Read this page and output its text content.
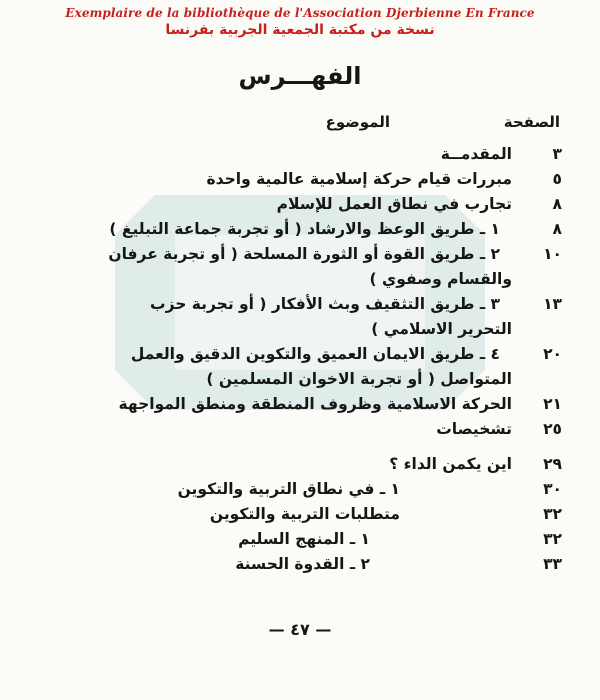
Exemplaire de la bibliothèque de l'Association Djerbienne En France
نسخة من مكتبة الجمعية الجربية بفرنسا
الفهـــرس
الصفحة
الموضوع
٣
المقدمــة
٥
مبررات قيام حركة إسلامية عالمية واحدة
٨
تجارب في نطاق العمل للإسلام
٨
١ ـ طريق الوعظ والارشاد ( أو تجربة جماعة التبليغ )
١٠
٢ ـ طريق القوة أو الثورة المسلحة ( أو تجربة عرفان
والقسام وصفوي )
١٣
٣ ـ طريق التثقيف وبث الأفكار ( أو تجربة حزب
التحرير الاسلامي )
٢٠
٤ ـ طريق الايمان العميق والتكوين الدقيق والعمل
المتواصل ( أو تجربة الاخوان المسلمين )
٢١
الحركة الاسلامية وظروف المنطقة ومنطق المواجهة
٢٥
تشخيصات
٢٩
اين يكمن الداء ؟
٣٠
١ ـ في نطاق التربية والتكوين
٣٢
متطلبات التربية والتكوين
٣٢
١ ـ المنهج السليم
٣٣
٢ ـ القدوة الحسنة
— ٤٧ —
